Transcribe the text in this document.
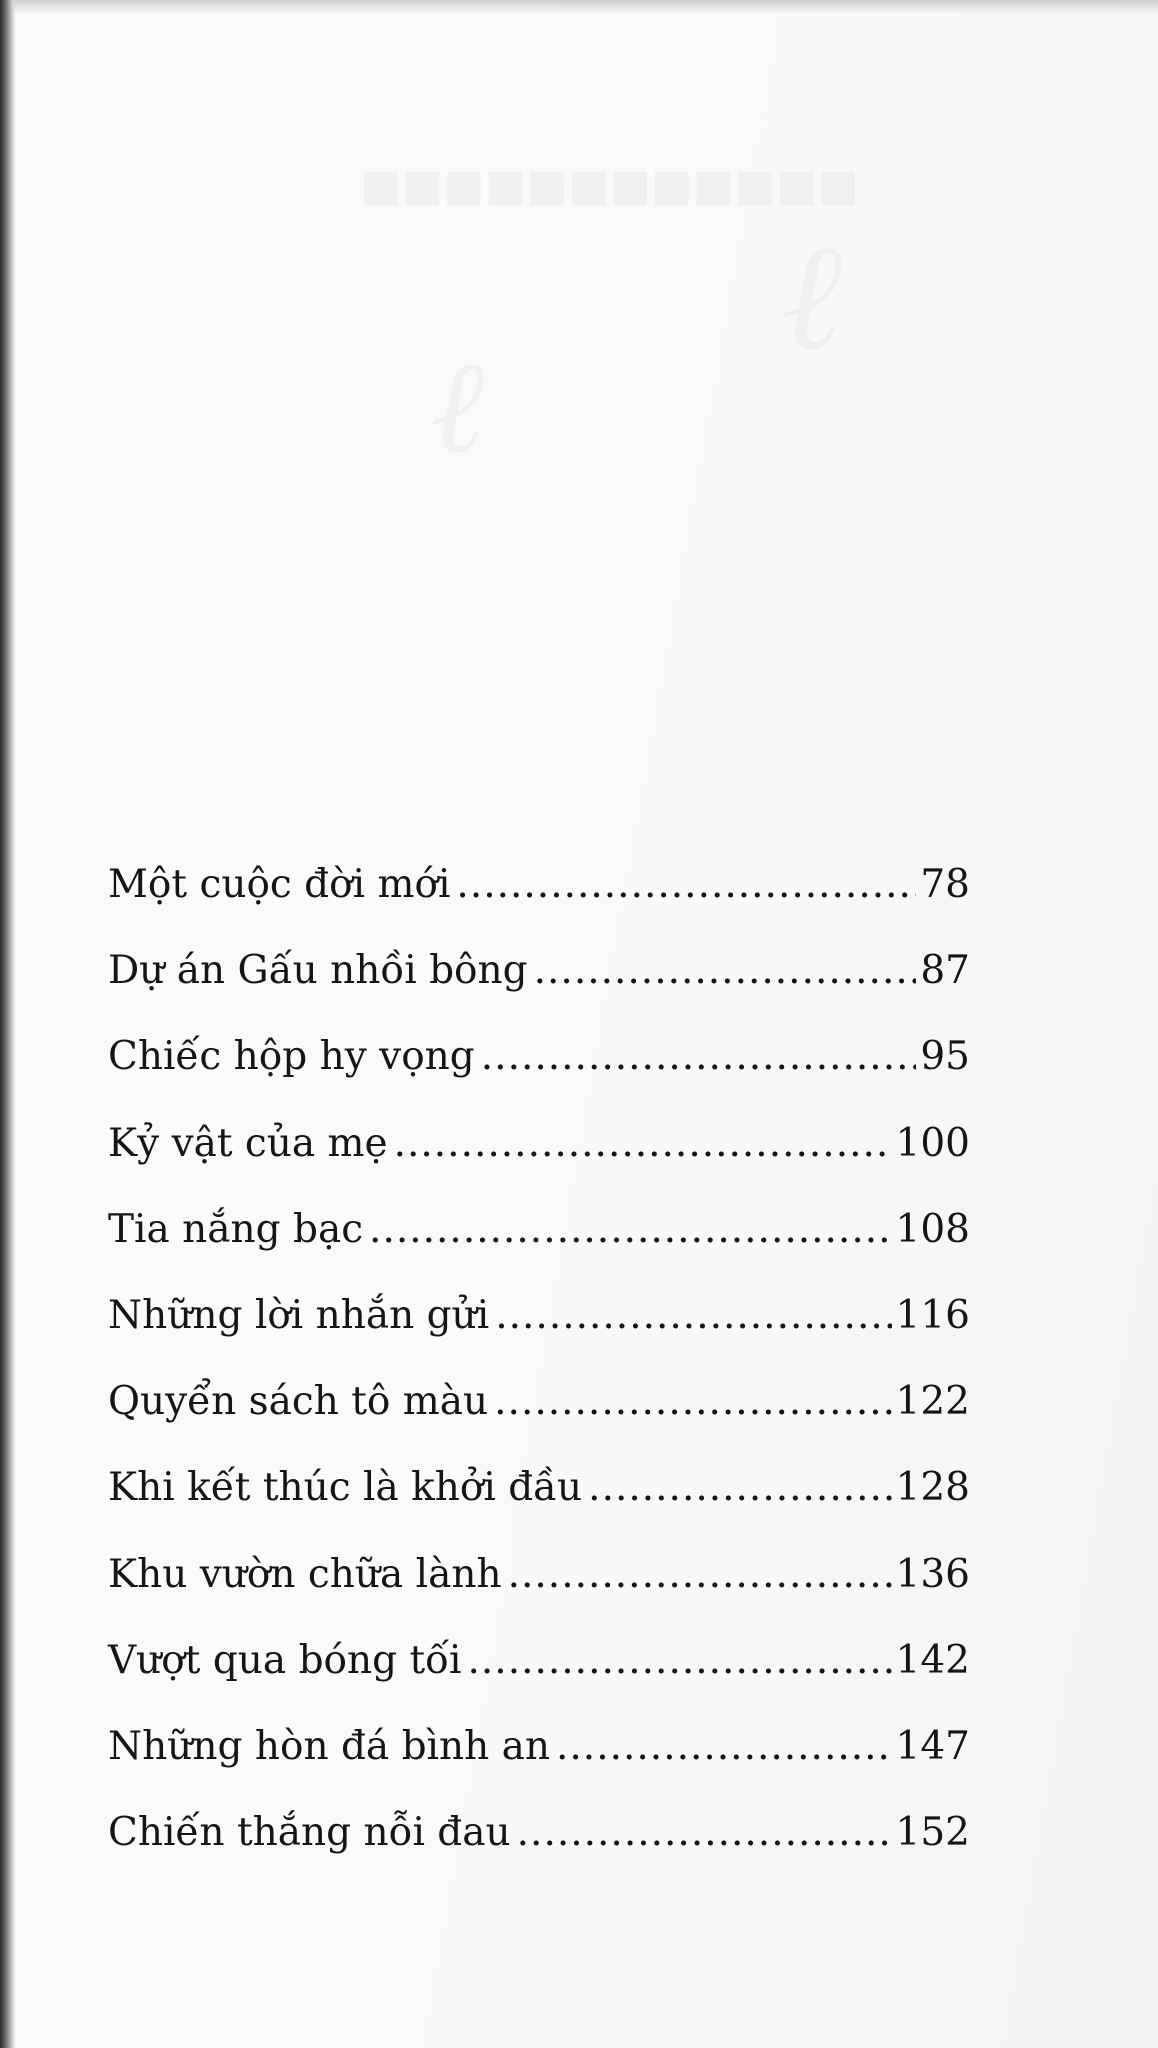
Một cuộc đời mới .....	78
Dự án Gấu nhồi bông .....	87
Chiếc hộp hy vọng .....	95
Kỷ vật của mẹ .....	100
Tia nắng bạc .....	108
Những lời nhắn gửi .....	116
Quyển sách tô màu .....	122
Khi kết thúc là khởi đầu .....	128
Khu vườn chữa lành .....	136
Vượt qua bóng tối .....	142
Những hòn đá bình an .....	147
Chiến thắng nỗi đau .....	152
